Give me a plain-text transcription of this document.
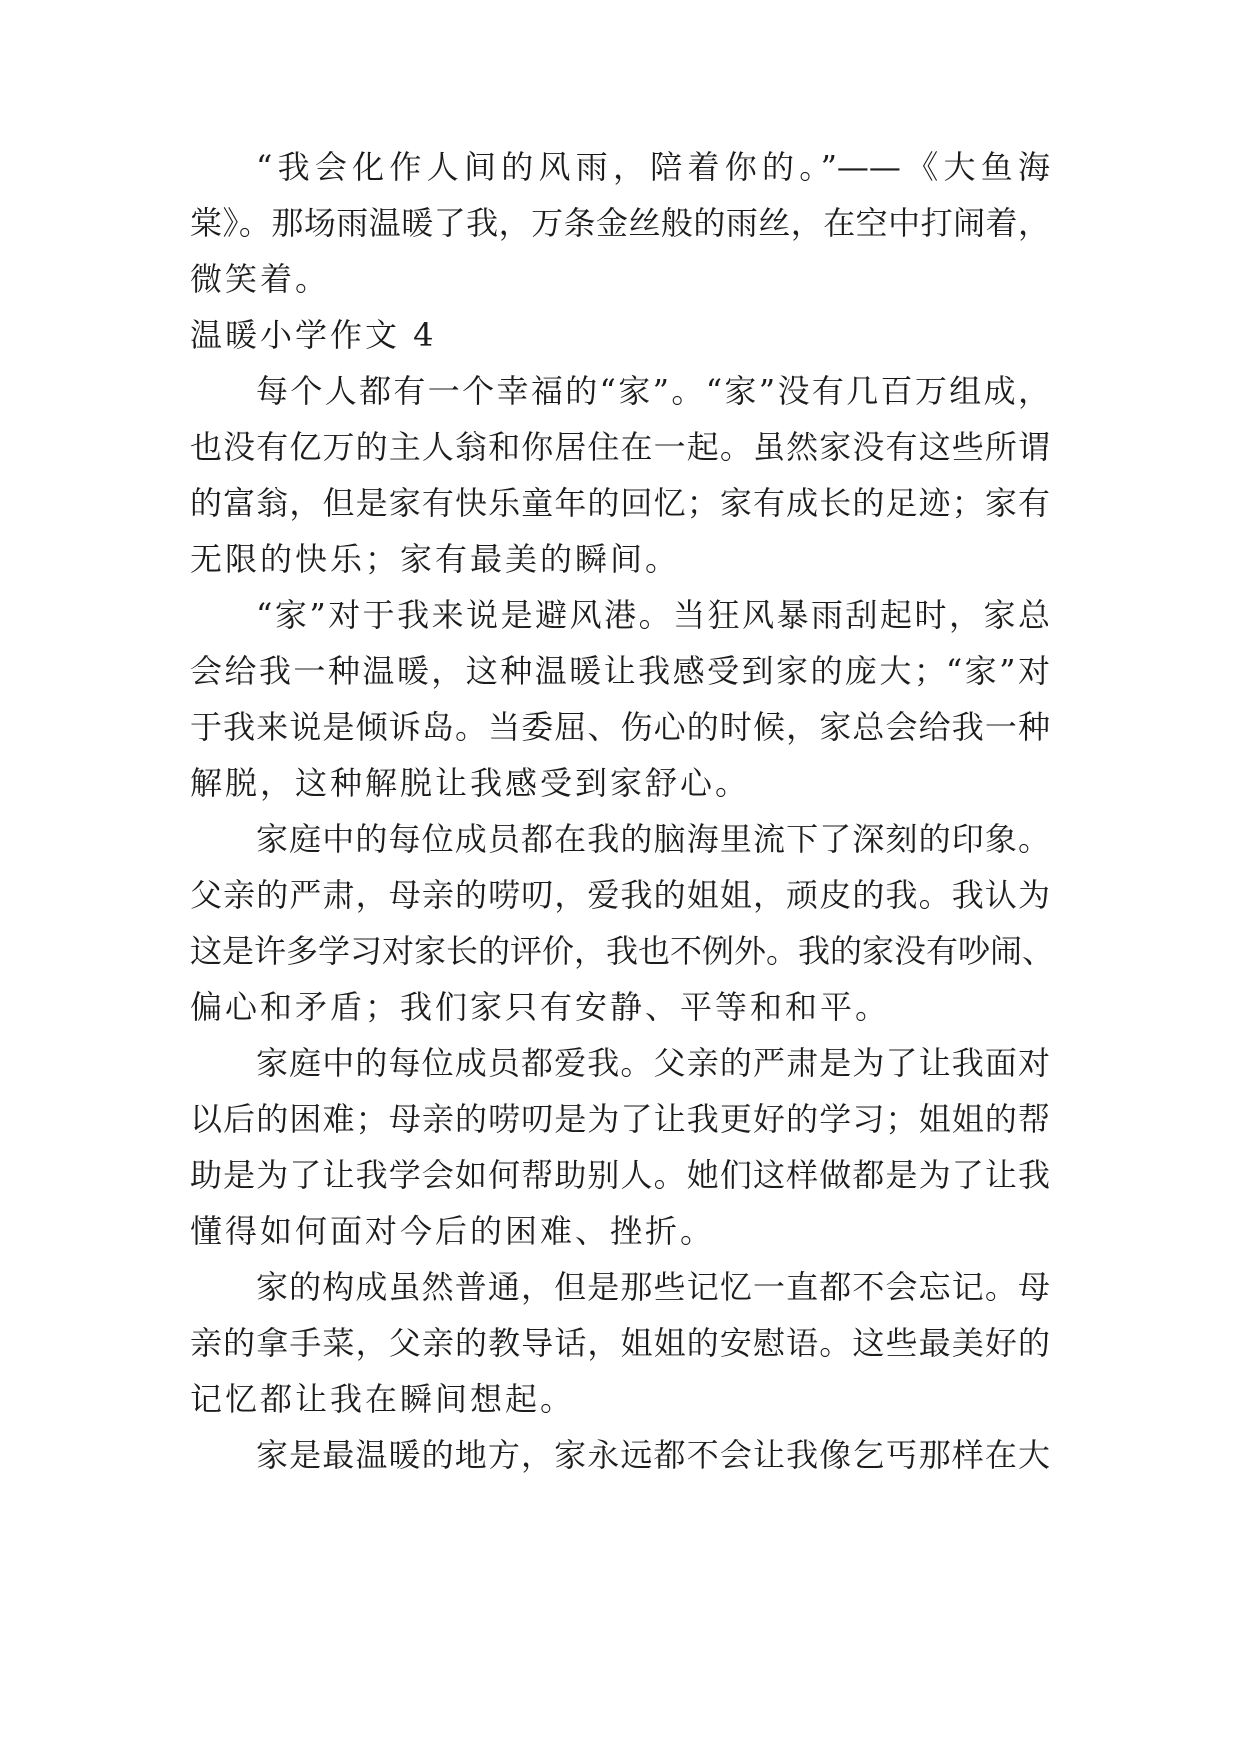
“我会化作人间的风雨，陪着你的。”——《大鱼海
棠》。那场雨温暖了我，万条金丝般的雨丝，在空中打闹着，
微笑着。
温暖小学作文 4
每个人都有一个幸福的“家”。“家”没有几百万组成，
也没有亿万的主人翁和你居住在一起。虽然家没有这些所谓
的富翁，但是家有快乐童年的回忆；家有成长的足迹；家有
无限的快乐；家有最美的瞬间。
“家”对于我来说是避风港。当狂风暴雨刮起时，家总
会给我一种温暖，这种温暖让我感受到家的庞大；“家”对
于我来说是倾诉岛。当委屈、伤心的时候，家总会给我一种
解脱，这种解脱让我感受到家舒心。
家庭中的每位成员都在我的脑海里流下了深刻的印象。
父亲的严肃，母亲的唠叨，爱我的姐姐，顽皮的我。我认为
这是许多学习对家长的评价，我也不例外。我的家没有吵闹、
偏心和矛盾；我们家只有安静、平等和和平。
家庭中的每位成员都爱我。父亲的严肃是为了让我面对
以后的困难；母亲的唠叨是为了让我更好的学习；姐姐的帮
助是为了让我学会如何帮助别人。她们这样做都是为了让我
懂得如何面对今后的困难、挫折。
家的构成虽然普通，但是那些记忆一直都不会忘记。母
亲的拿手菜，父亲的教导话，姐姐的安慰语。这些最美好的
记忆都让我在瞬间想起。
家是最温暖的地方，家永远都不会让我像乞丐那样在大
